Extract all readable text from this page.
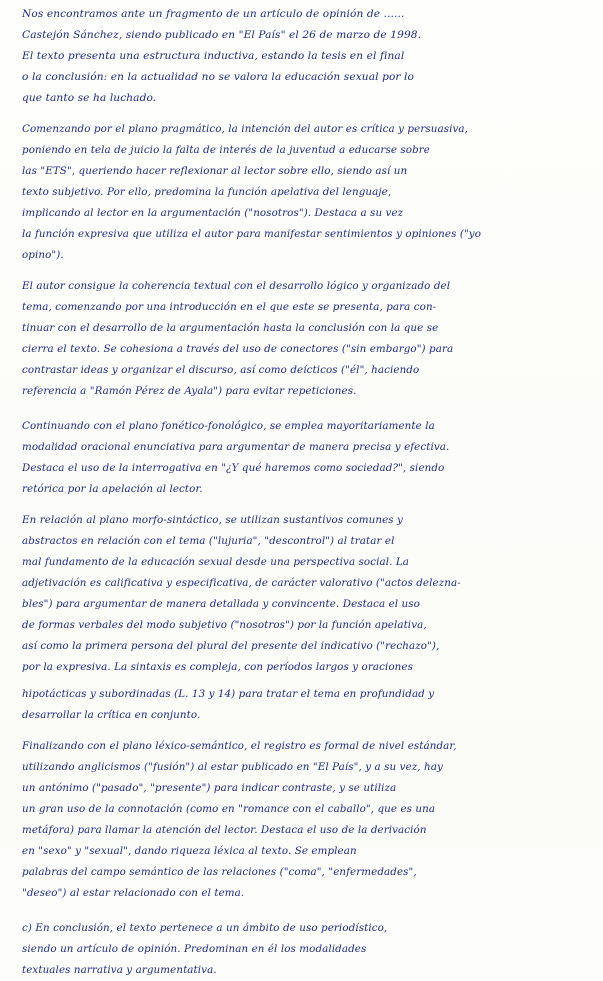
Nos encontramos ante un fragmento de un artículo de opinión de ......
Castejón Sánchez, siendo publicado en "El País" el 26 de marzo de 1998.
El texto presenta una estructura inductiva, estando la tesis en el final
o la conclusión: en la actualidad no se valora la educación sexual por lo
que tanto se ha luchado.
Comenzando por el plano pragmático, la intención del autor es crítica y persuasiva,
poniendo en tela de juicio la falta de interés de la juventud a educarse sobre
las "ETS", queriendo hacer reflexionar al lector sobre ello, siendo así un
texto subjetivo. Por ello, predomina la función apelativa del lenguaje,
implicando al lector en la argumentación ("nosotros"). Destaca a su vez
la función expresiva que utiliza el autor para manifestar sentimientos y opiniones ("yo
opino").
El autor consigue la coherencia textual con el desarrollo lógico y organizado del
tema, comenzando por una introducción en el que este se presenta, para con-
tinuar con el desarrollo de la argumentación hasta la conclusión con la que se
cierra el texto. Se cohesiona a través del uso de conectores ("sin embargo") para
contrastar ideas y organizar el discurso, así como deícticos ("él", haciendo
referencia a "Ramón Pérez de Ayala") para evitar repeticiones.
Continuando con el plano fonético-fonológico, se emplea mayoritariamente la
modalidad oracional enunciativa para argumentar de manera precisa y efectiva.
Destaca el uso de la interrogativa en "¿Y qué haremos como sociedad?", siendo
retórica por la apelación al lector.
En relación al plano morfo-sintáctico, se utilizan sustantivos comunes y
abstractos en relación con el tema ("lujuria", "descontrol") al tratar el
mal fundamento de la educación sexual desde una perspectiva social. La
adjetivación es calificativa y especificativa, de carácter valorativo ("actos deleznа-
bles") para argumentar de manera detallada y convincente. Destaca el uso
de formas verbales del modo subjetivo ("nosotros") por la función apelativa,
así como la primera persona del plural del presente del indicativo ("rechazo"),
por la expresiva. La sintaxis es compleja, con períodos largos y oraciones
hipotácticas y subordinadas (L. 13 y 14) para tratar el tema en profundidad y
desarrollar la crítica en conjunto.
Finalizando con el plano léxico-semántico, el registro es formal de nivel estándar,
utilizando anglicismos ("fusión") al estar publicado en "El País", y a su vez, hay
un antónimo ("pasado", "presente") para indicar contraste, y se utiliza
un gran uso de la connotación (como en "romance con el caballo", que es una
metáfora) para llamar la atención del lector. Destaca el uso de la derivación
en "sexo" y "sexual", dando riqueza léxica al texto. Se emplean
palabras del campo semántico de las relaciones ("coma", "enfermedades",
"deseo") al estar relacionado con el tema.
c) En conclusión, el texto pertenece a un ámbito de uso periodístico,
siendo un artículo de opinión. Predominan en él los modalidades
textuales narrativa y argumentativa.
